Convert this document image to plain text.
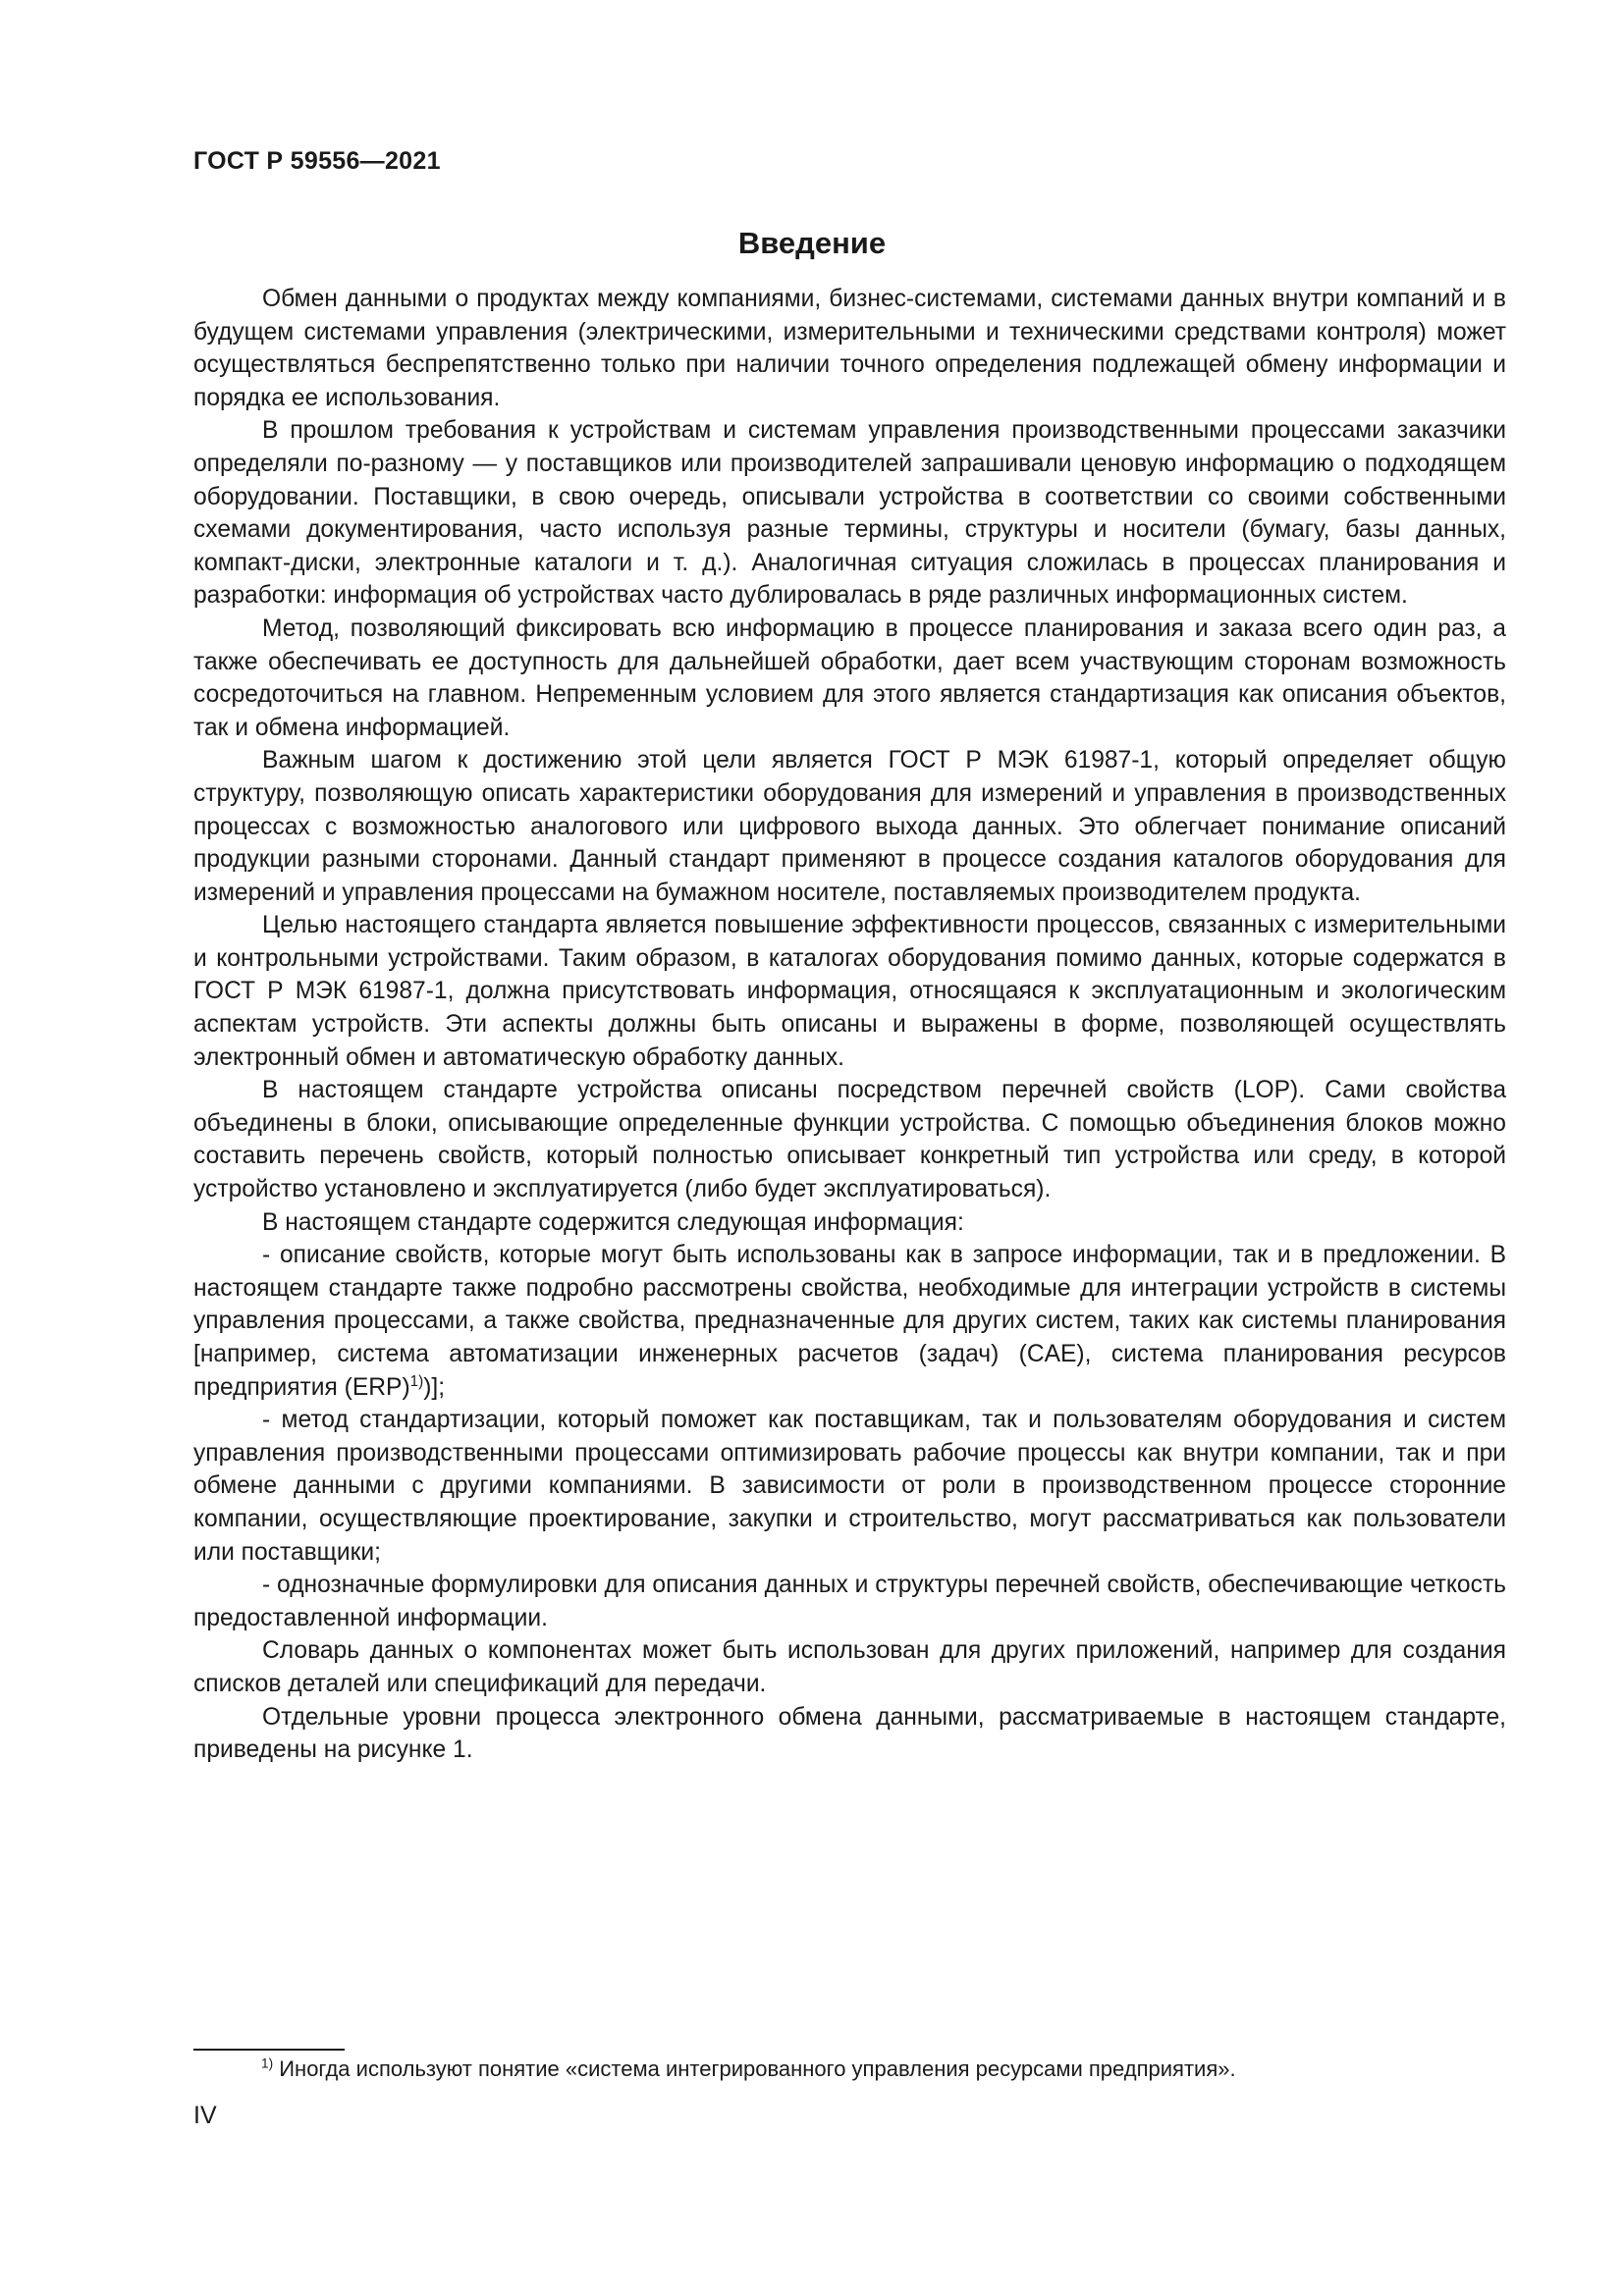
ГОСТ Р 59556—2021
Введение

Обмен данными о продуктах между компаниями, бизнес-системами, системами данных внутри компаний и в будущем системами управления (электрическими, измерительными и техническими средствами контроля) может осуществляться беспрепятственно только при наличии точного определения подлежащей обмену информации и порядка ее использования.

В прошлом требования к устройствам и системам управления производственными процессами заказчики определяли по-разному — у поставщиков или производителей запрашивали ценовую информацию о подходящем оборудовании. Поставщики, в свою очередь, описывали устройства в соответствии со своими собственными схемами документирования, часто используя разные термины, структуры и носители (бумагу, базы данных, компакт-диски, электронные каталоги и т. д.). Аналогичная ситуация сложилась в процессах планирования и разработки: информация об устройствах часто дублировалась в ряде различных информационных систем.

Метод, позволяющий фиксировать всю информацию в процессе планирования и заказа всего один раз, а также обеспечивать ее доступность для дальнейшей обработки, дает всем участвующим сторонам возможность сосредоточиться на главном. Непременным условием для этого является стандартизация как описания объектов, так и обмена информацией.

Важным шагом к достижению этой цели является ГОСТ Р МЭК 61987-1, который определяет общую структуру, позволяющую описать характеристики оборудования для измерений и управления в производственных процессах с возможностью аналогового или цифрового выхода данных. Это облегчает понимание описаний продукции разными сторонами. Данный стандарт применяют в процессе создания каталогов оборудования для измерений и управления процессами на бумажном носителе, поставляемых производителем продукта.

Целью настоящего стандарта является повышение эффективности процессов, связанных с измерительными и контрольными устройствами. Таким образом, в каталогах оборудования помимо данных, которые содержатся в ГОСТ Р МЭК 61987-1, должна присутствовать информация, относящаяся к эксплуатационным и экологическим аспектам устройств. Эти аспекты должны быть описаны и выражены в форме, позволяющей осуществлять электронный обмен и автоматическую обработку данных.

В настоящем стандарте устройства описаны посредством перечней свойств (LOP). Сами свойства объединены в блоки, описывающие определенные функции устройства. С помощью объединения блоков можно составить перечень свойств, который полностью описывает конкретный тип устройства или среду, в которой устройство установлено и эксплуатируется (либо будет эксплуатироваться).

В настоящем стандарте содержится следующая информация:

- описание свойств, которые могут быть использованы как в запросе информации, так и в предложении. В настоящем стандарте также подробно рассмотрены свойства, необходимые для интеграции устройств в системы управления процессами, а также свойства, предназначенные для других систем, таких как системы планирования [например, система автоматизации инженерных расчетов (задач) (CAE), система планирования ресурсов предприятия (ERP)$^{1)}$)];

- метод стандартизации, который поможет как поставщикам, так и пользователям оборудования и систем управления производственными процессами оптимизировать рабочие процессы как внутри компании, так и при обмене данными с другими компаниями. В зависимости от роли в производственном процессе сторонние компании, осуществляющие проектирование, закупки и строительство, могут рассматриваться как пользователи или поставщики;

- однозначные формулировки для описания данных и структуры перечней свойств, обеспечивающие четкость предоставленной информации.

Словарь данных о компонентах может быть использован для других приложений, например для создания списков деталей или спецификаций для передачи.

Отдельные уровни процесса электронного обмена данными, рассматриваемые в настоящем стандарте, приведены на рисунке 1.

$^{1)}$ Иногда используют понятие «система интегрированного управления ресурсами предприятия».
IV
